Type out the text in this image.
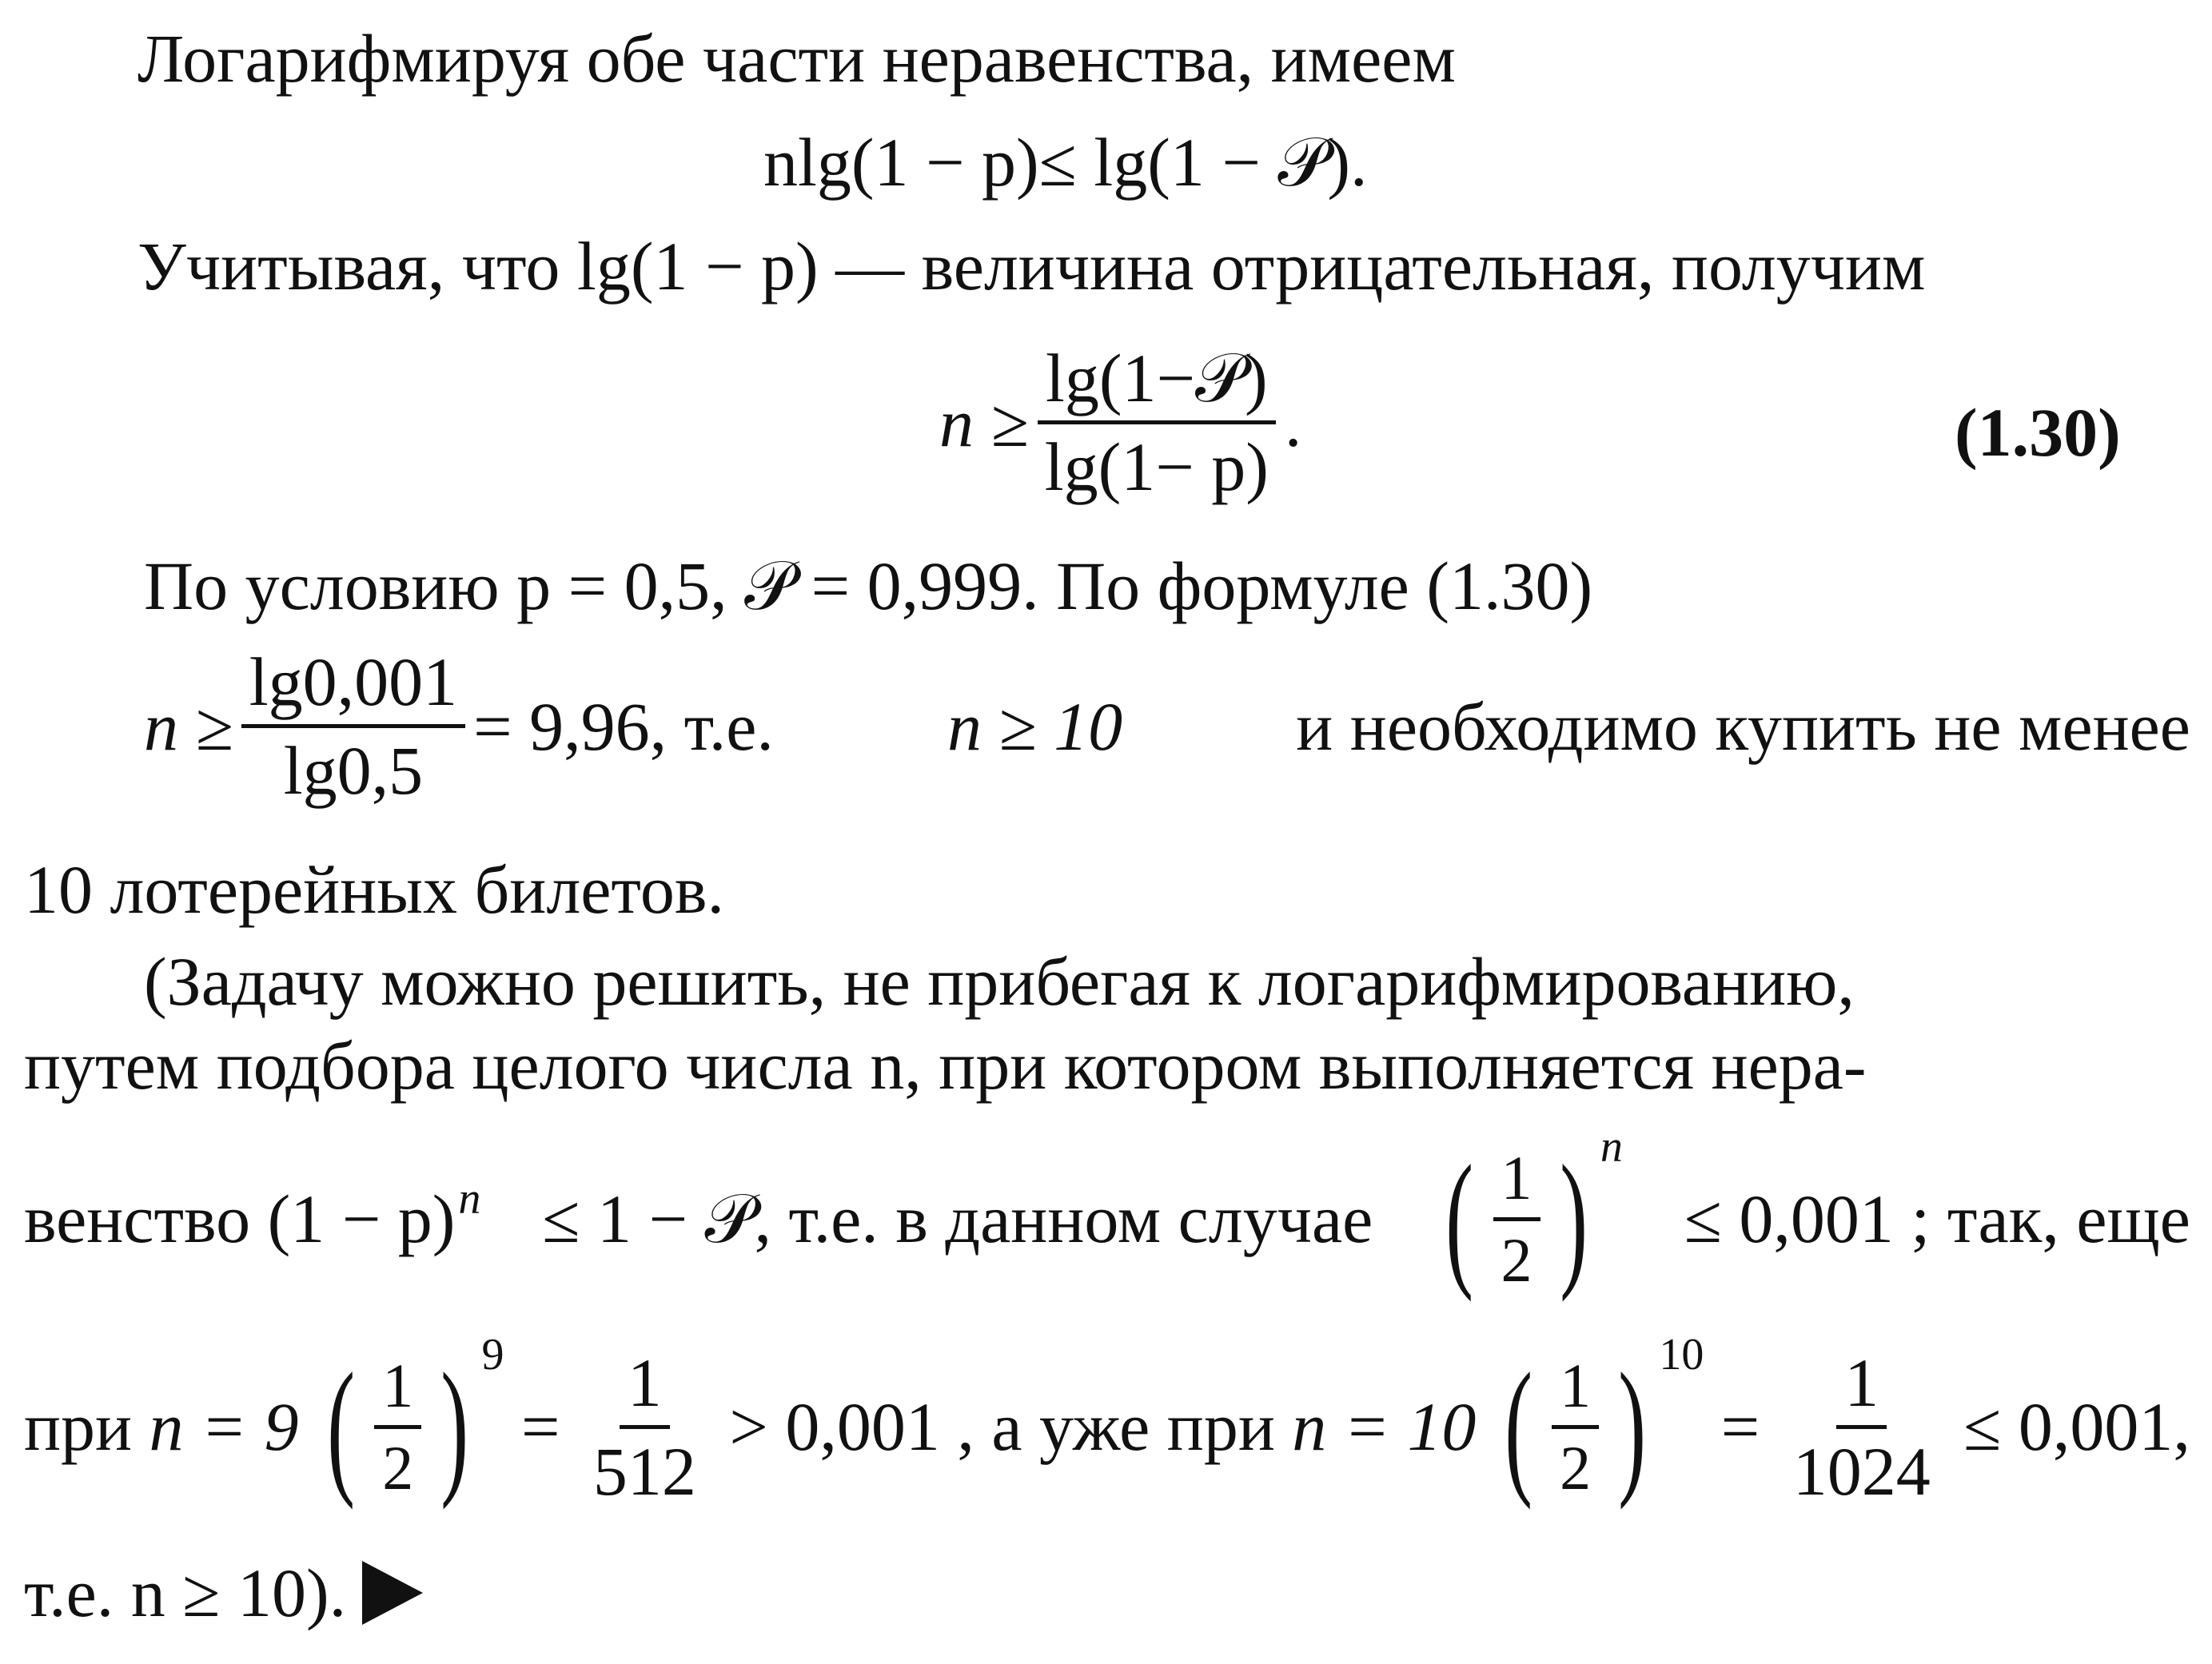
Логарифмируя обе части неравенства, имеем
nlg(1 − p)≤ lg(1 − 𝒫).
Учитывая, что lg(1 − p) — величина отрицательная, получим
$n \ge \frac{\text{lg(1−𝒫)}}{\lg(1- p)}$ .	(1.30)
По условию p = 0,5, 𝒫 = 0,999. По формуле (1.30)
$n \ge \frac{\lg 0,001}{\lg 0,5} = 9,96$, т.е.	n ≥ 10	и необходимо купить не менее
10 лотерейных билетов.
(Задачу можно решить, не прибегая к логарифмированию,
путем подбора целого числа n, при котором выполняется нера-
венство $(1 - p)^n \le 1$ − 𝒫, т.е. в данном случае ( $\frac{1}{2}$ ) n
≤ 0,001 ; так, еще
при n = 9 ( $\frac{1}{2}$ ) 9
= $\frac{1}{512} > 0,001$ , а уже при n = 10 ( $\frac{1}{2}$ ) 10
= $\frac{1}{1024} \le 0,001$,
т.е. n ≥ 10).
